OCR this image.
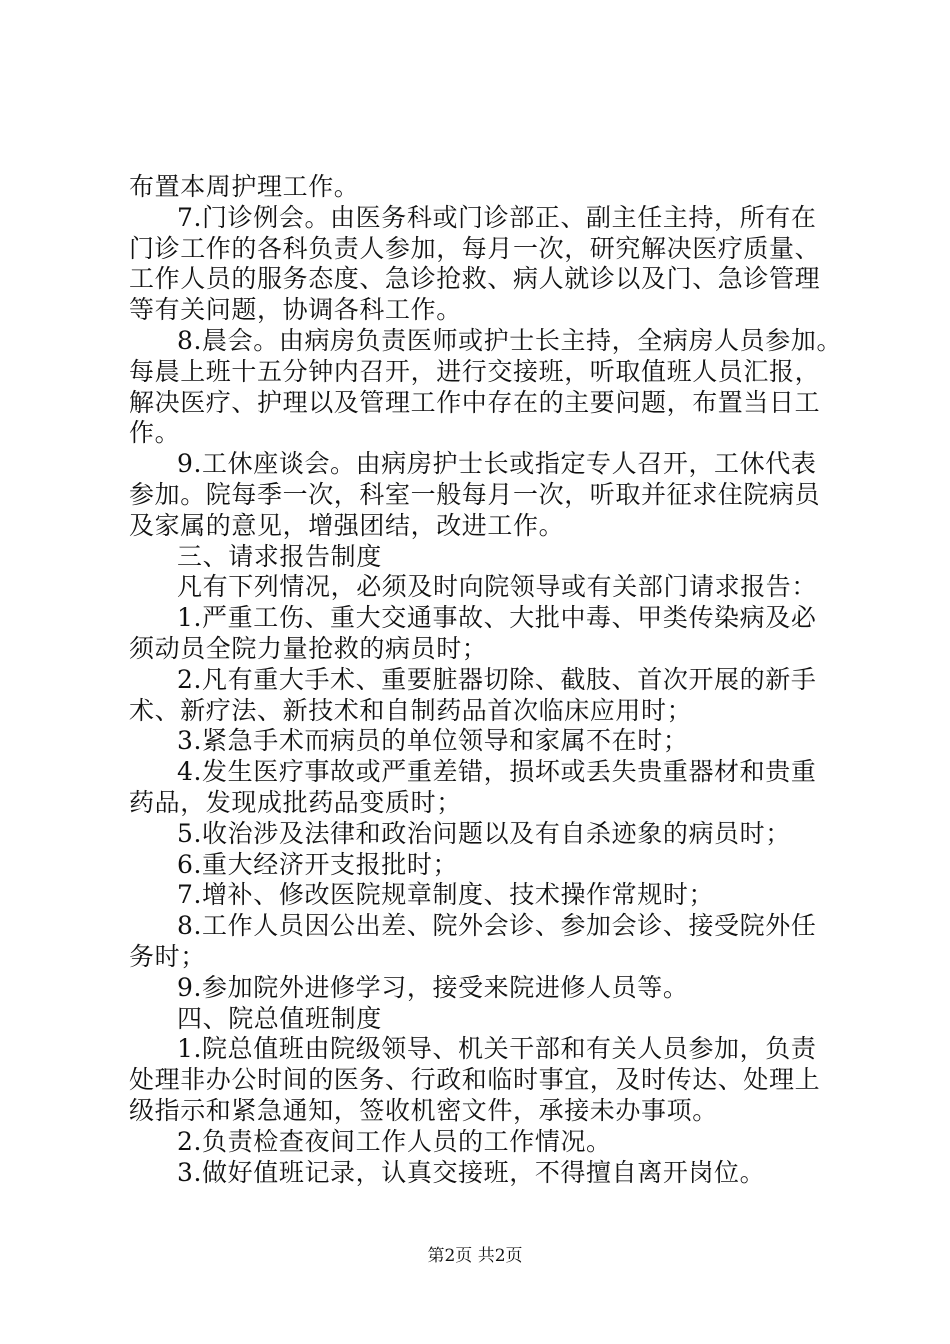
布置本周护理工作。
7.门诊例会。由医务科或门诊部正、副主任主持，所有在
门诊工作的各科负责人参加，每月一次，研究解决医疗质量、
工作人员的服务态度、急诊抢救、病人就诊以及门、急诊管理
等有关问题，协调各科工作。
8.晨会。由病房负责医师或护士长主持，全病房人员参加。
每晨上班十五分钟内召开，进行交接班，听取值班人员汇报，
解决医疗、护理以及管理工作中存在的主要问题，布置当日工
作。
9.工休座谈会。由病房护士长或指定专人召开，工休代表
参加。院每季一次，科室一般每月一次，听取并征求住院病员
及家属的意见，增强团结，改进工作。
三、请求报告制度
凡有下列情况，必须及时向院领导或有关部门请求报告：
1.严重工伤、重大交通事故、大批中毒、甲类传染病及必
须动员全院力量抢救的病员时；
2.凡有重大手术、重要脏器切除、截肢、首次开展的新手
术、新疗法、新技术和自制药品首次临床应用时；
3.紧急手术而病员的单位领导和家属不在时；
4.发生医疗事故或严重差错，损坏或丢失贵重器材和贵重
药品，发现成批药品变质时；
5.收治涉及法律和政治问题以及有自杀迹象的病员时；
6.重大经济开支报批时；
7.增补、修改医院规章制度、技术操作常规时；
8.工作人员因公出差、院外会诊、参加会诊、接受院外任
务时；
9.参加院外进修学习，接受来院进修人员等。
四、院总值班制度
1.院总值班由院级领导、机关干部和有关人员参加，负责
处理非办公时间的医务、行政和临时事宜，及时传达、处理上
级指示和紧急通知，签收机密文件，承接未办事项。
2.负责检查夜间工作人员的工作情况。
3.做好值班记录，认真交接班，不得擅自离开岗位。
第2页 共2页
